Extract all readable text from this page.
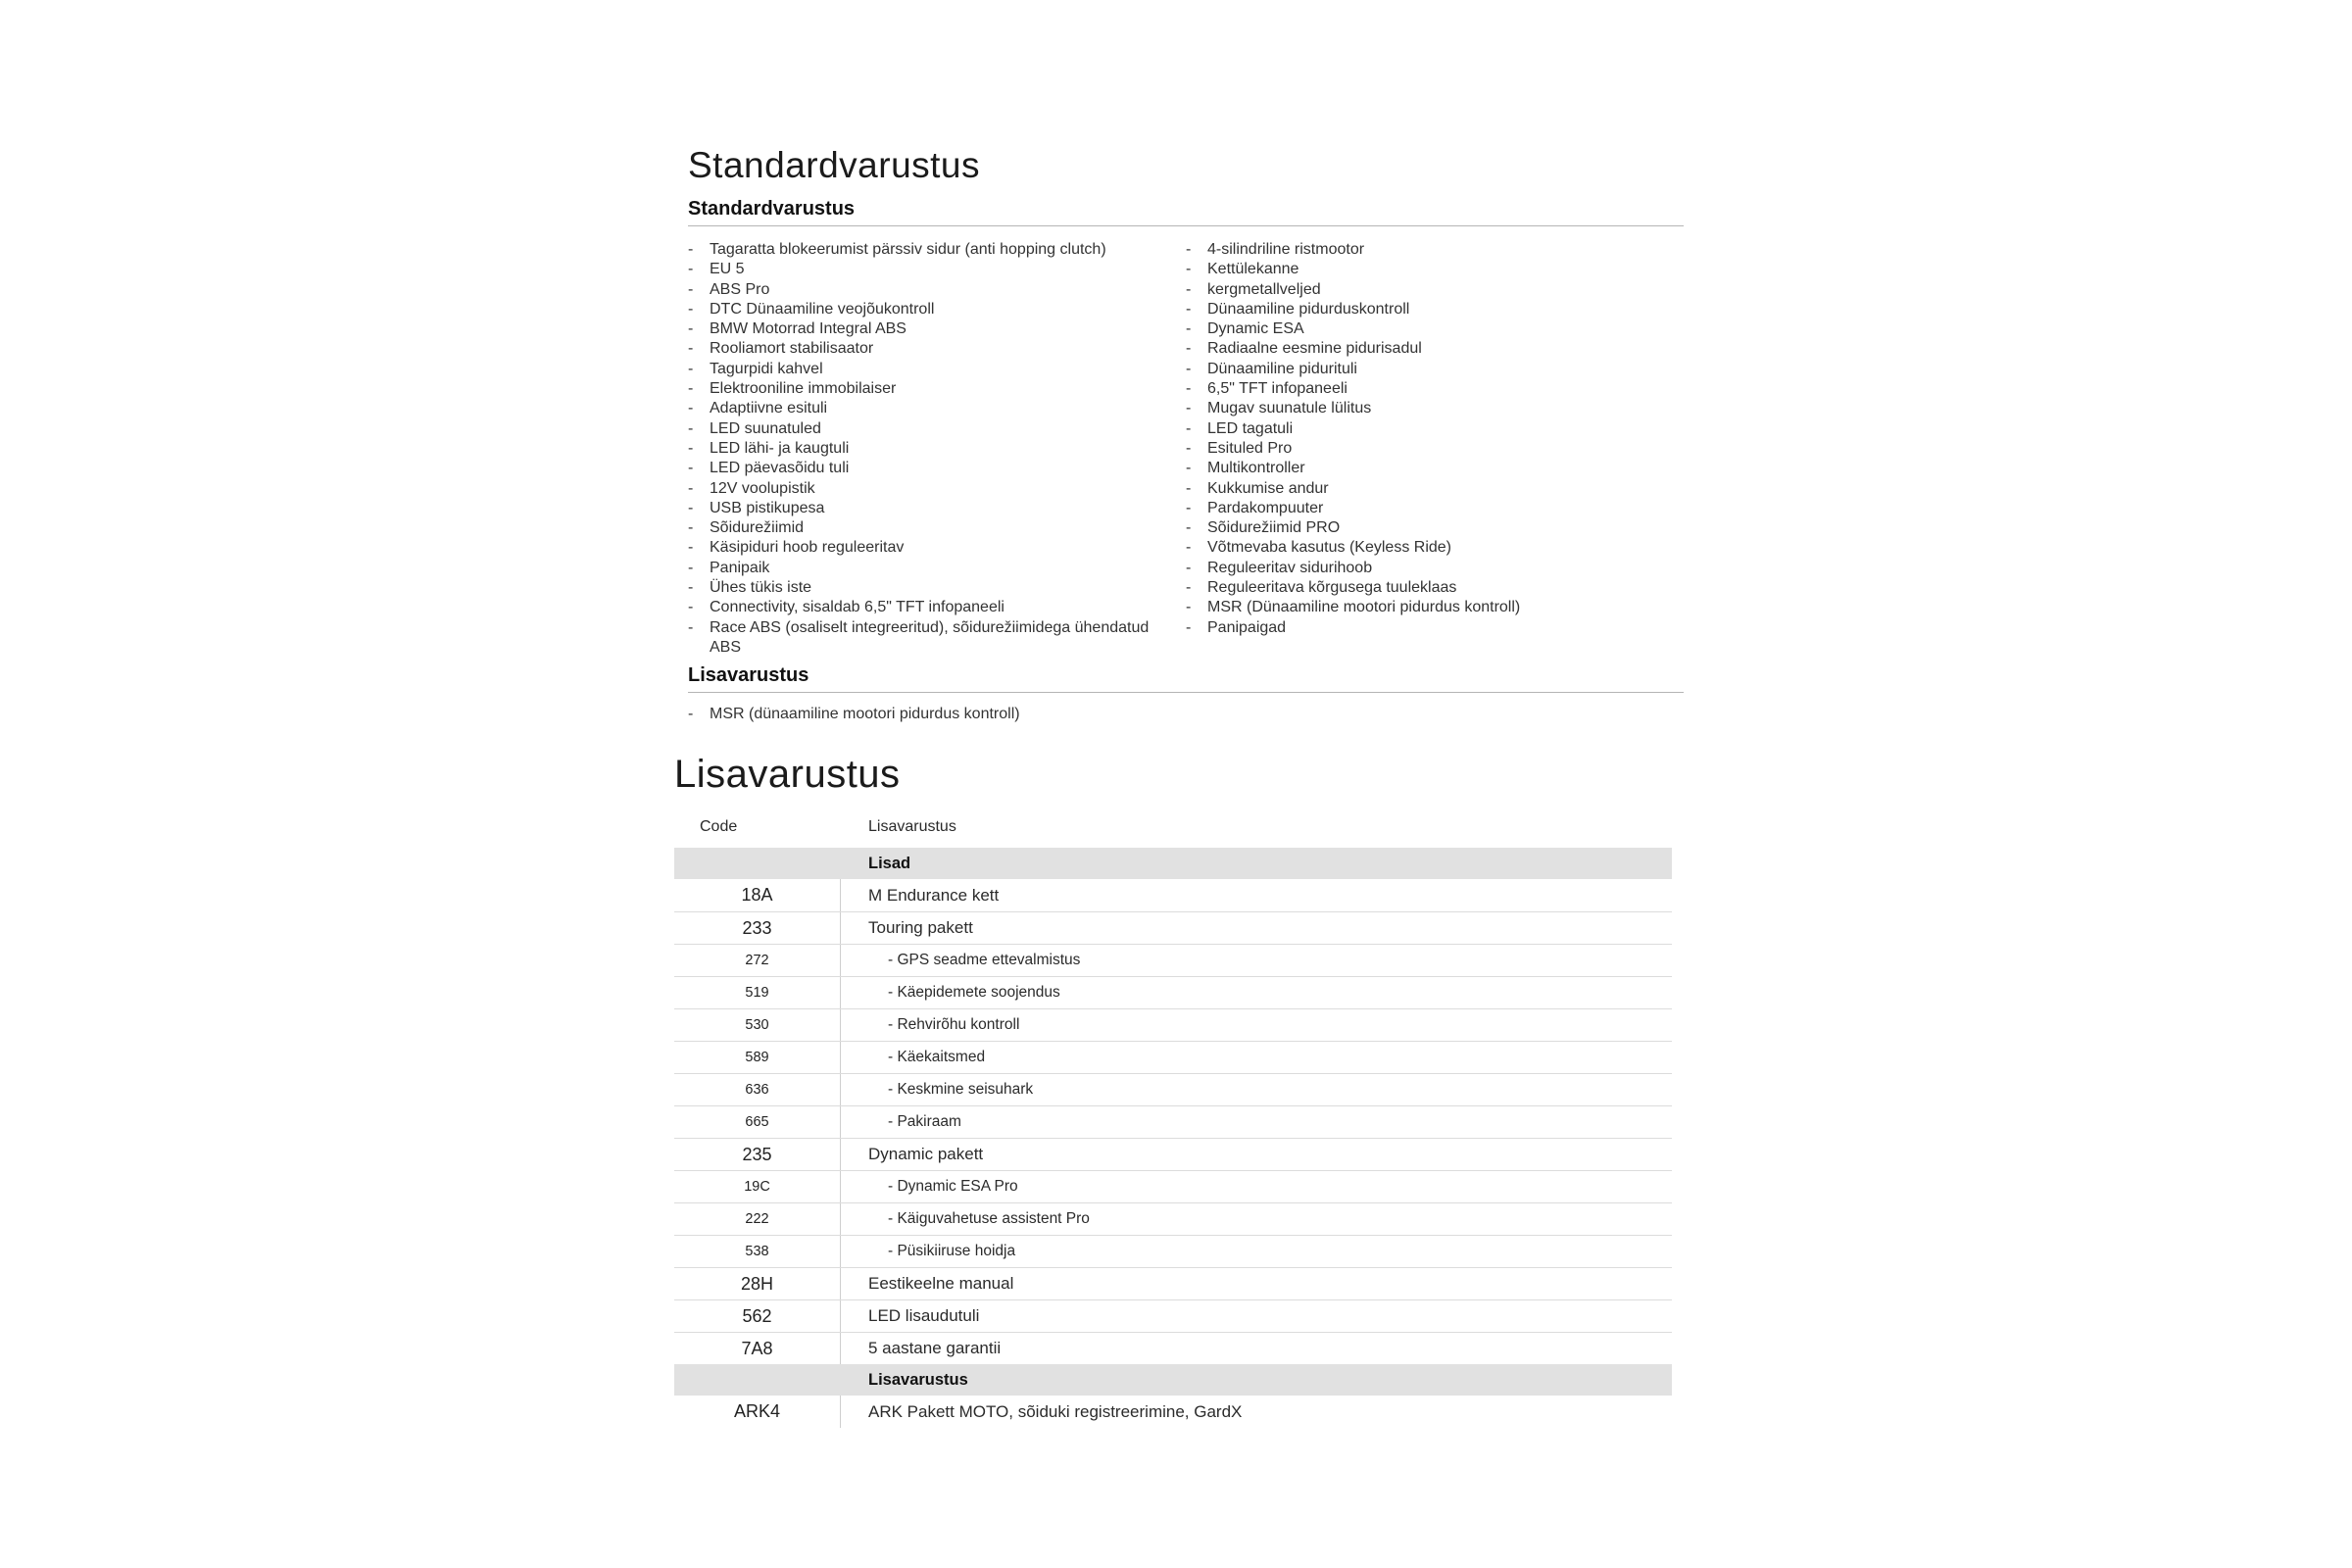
Standardvarustus
Standardvarustus
-	Tagaratta blokeerumist pärssiv sidur (anti hopping clutch)
-	EU 5
-	ABS Pro
-	DTC Dünaamiline veojõukontroll
-	BMW Motorrad Integral ABS
-	Rooliamort stabilisaator
-	Tagurpidi kahvel
-	Elektrooniline immobilaiser
-	Adaptiivne esituli
-	LED suunatuled
-	LED lähi- ja kaugtuli
-	LED päevasõidu tuli
-	12V voolupistik
-	USB pistikupesa
-	Sõidurežiimid
-	Käsipiduri hoob reguleeritav
-	Panipaik
-	Ühes tükis iste
-	Connectivity, sisaldab 6,5" TFT infopaneeli
-	Race ABS (osaliselt integreeritud), sõidurežiimidega ühendatud ABS
-	4-silindriline ristmootor
-	Kettülekanne
-	kergmetallveljed
-	Dünaamiline pidurduskontroll
-	Dynamic ESA
-	Radiaalne eesmine pidurisadul
-	Dünaamiline pidurituli
-	6,5" TFT infopaneeli
-	Mugav suunatule lülitus
-	LED tagatuli
-	Esituled Pro
-	Multikontroller
-	Kukkumise andur
-	Pardakompuuter
-	Sõidurežiimid PRO
-	Võtmevaba kasutus (Keyless Ride)
-	Reguleeritav sidurihoob
-	Reguleeritava kõrgusega tuuleklaas
-	MSR (Dünaamiline mootori pidurdus kontroll)
-	Panipaigad
Lisavarustus
-	MSR (dünaamiline mootori pidurdus kontroll)
Lisavarustus
Code	Lisavarustus
Lisad
18A	M Endurance kett
233	Touring pakett
272	- GPS seadme ettevalmistus
519	- Käepidemete soojendus
530	- Rehvirõhu kontroll
589	- Käekaitsmed
636	- Keskmine seisuhark
665	- Pakiraam
235	Dynamic pakett
19C	- Dynamic ESA Pro
222	- Käiguvahetuse assistent Pro
538	- Püsikiiruse hoidja
28H	Eestikeelne manual
562	LED lisaudutuli
7A8	5 aastane garantii
Lisavarustus
ARK4	ARK Pakett MOTO, sõiduki registreerimine, GardX
